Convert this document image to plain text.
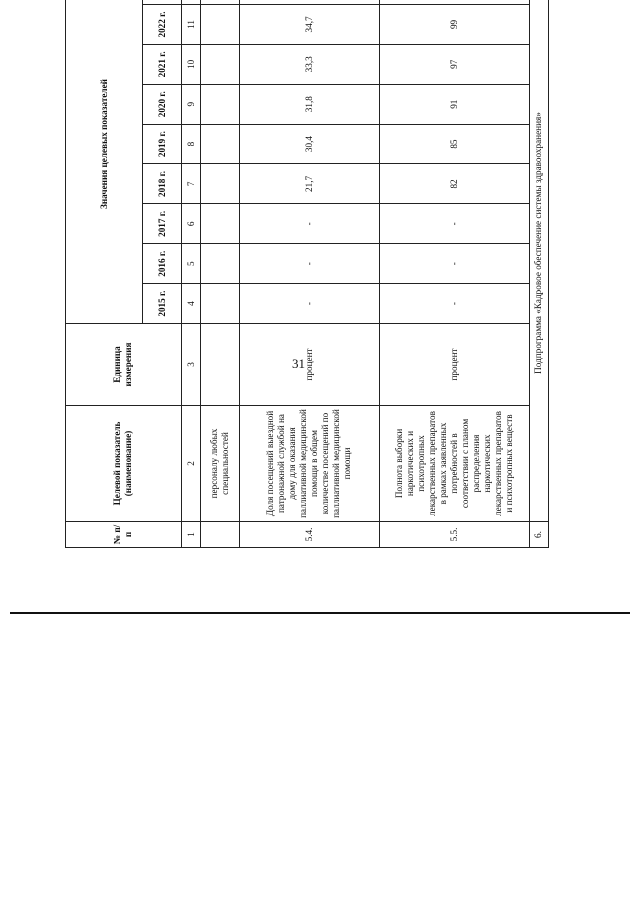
31
№ п/п	Целевой показатель (наименование)	Единица измерения	Значения целевых показателей								
			2015 г.	2016 г.	2017 г.	2018 г.	2019 г.	2020 г.	2021 г.	2022 г.	
1	2	3	4	5	6	7	8	9	10	11	
	персоналу любых специальностей										
5.4.	Доля посещений выездной патронажной службой на дому для оказания паллиативной медицинской помощи в общем количестве посещений по паллиативной медицинской помощи	процент	-	-	-	21,7	30,4	31,8	33,3	34,7	
5.5.	Полнота выборки наркотических и психотропных лекарственных препаратов в рамках заявленных потребностей в соответствии с планом распределения наркотических лекарственных препаратов и психотропных веществ	процент	-	-	-	82	85	91	97	99	
6.	Подпрограмма «Кадровое обеспечение системы здравоохранения»										
